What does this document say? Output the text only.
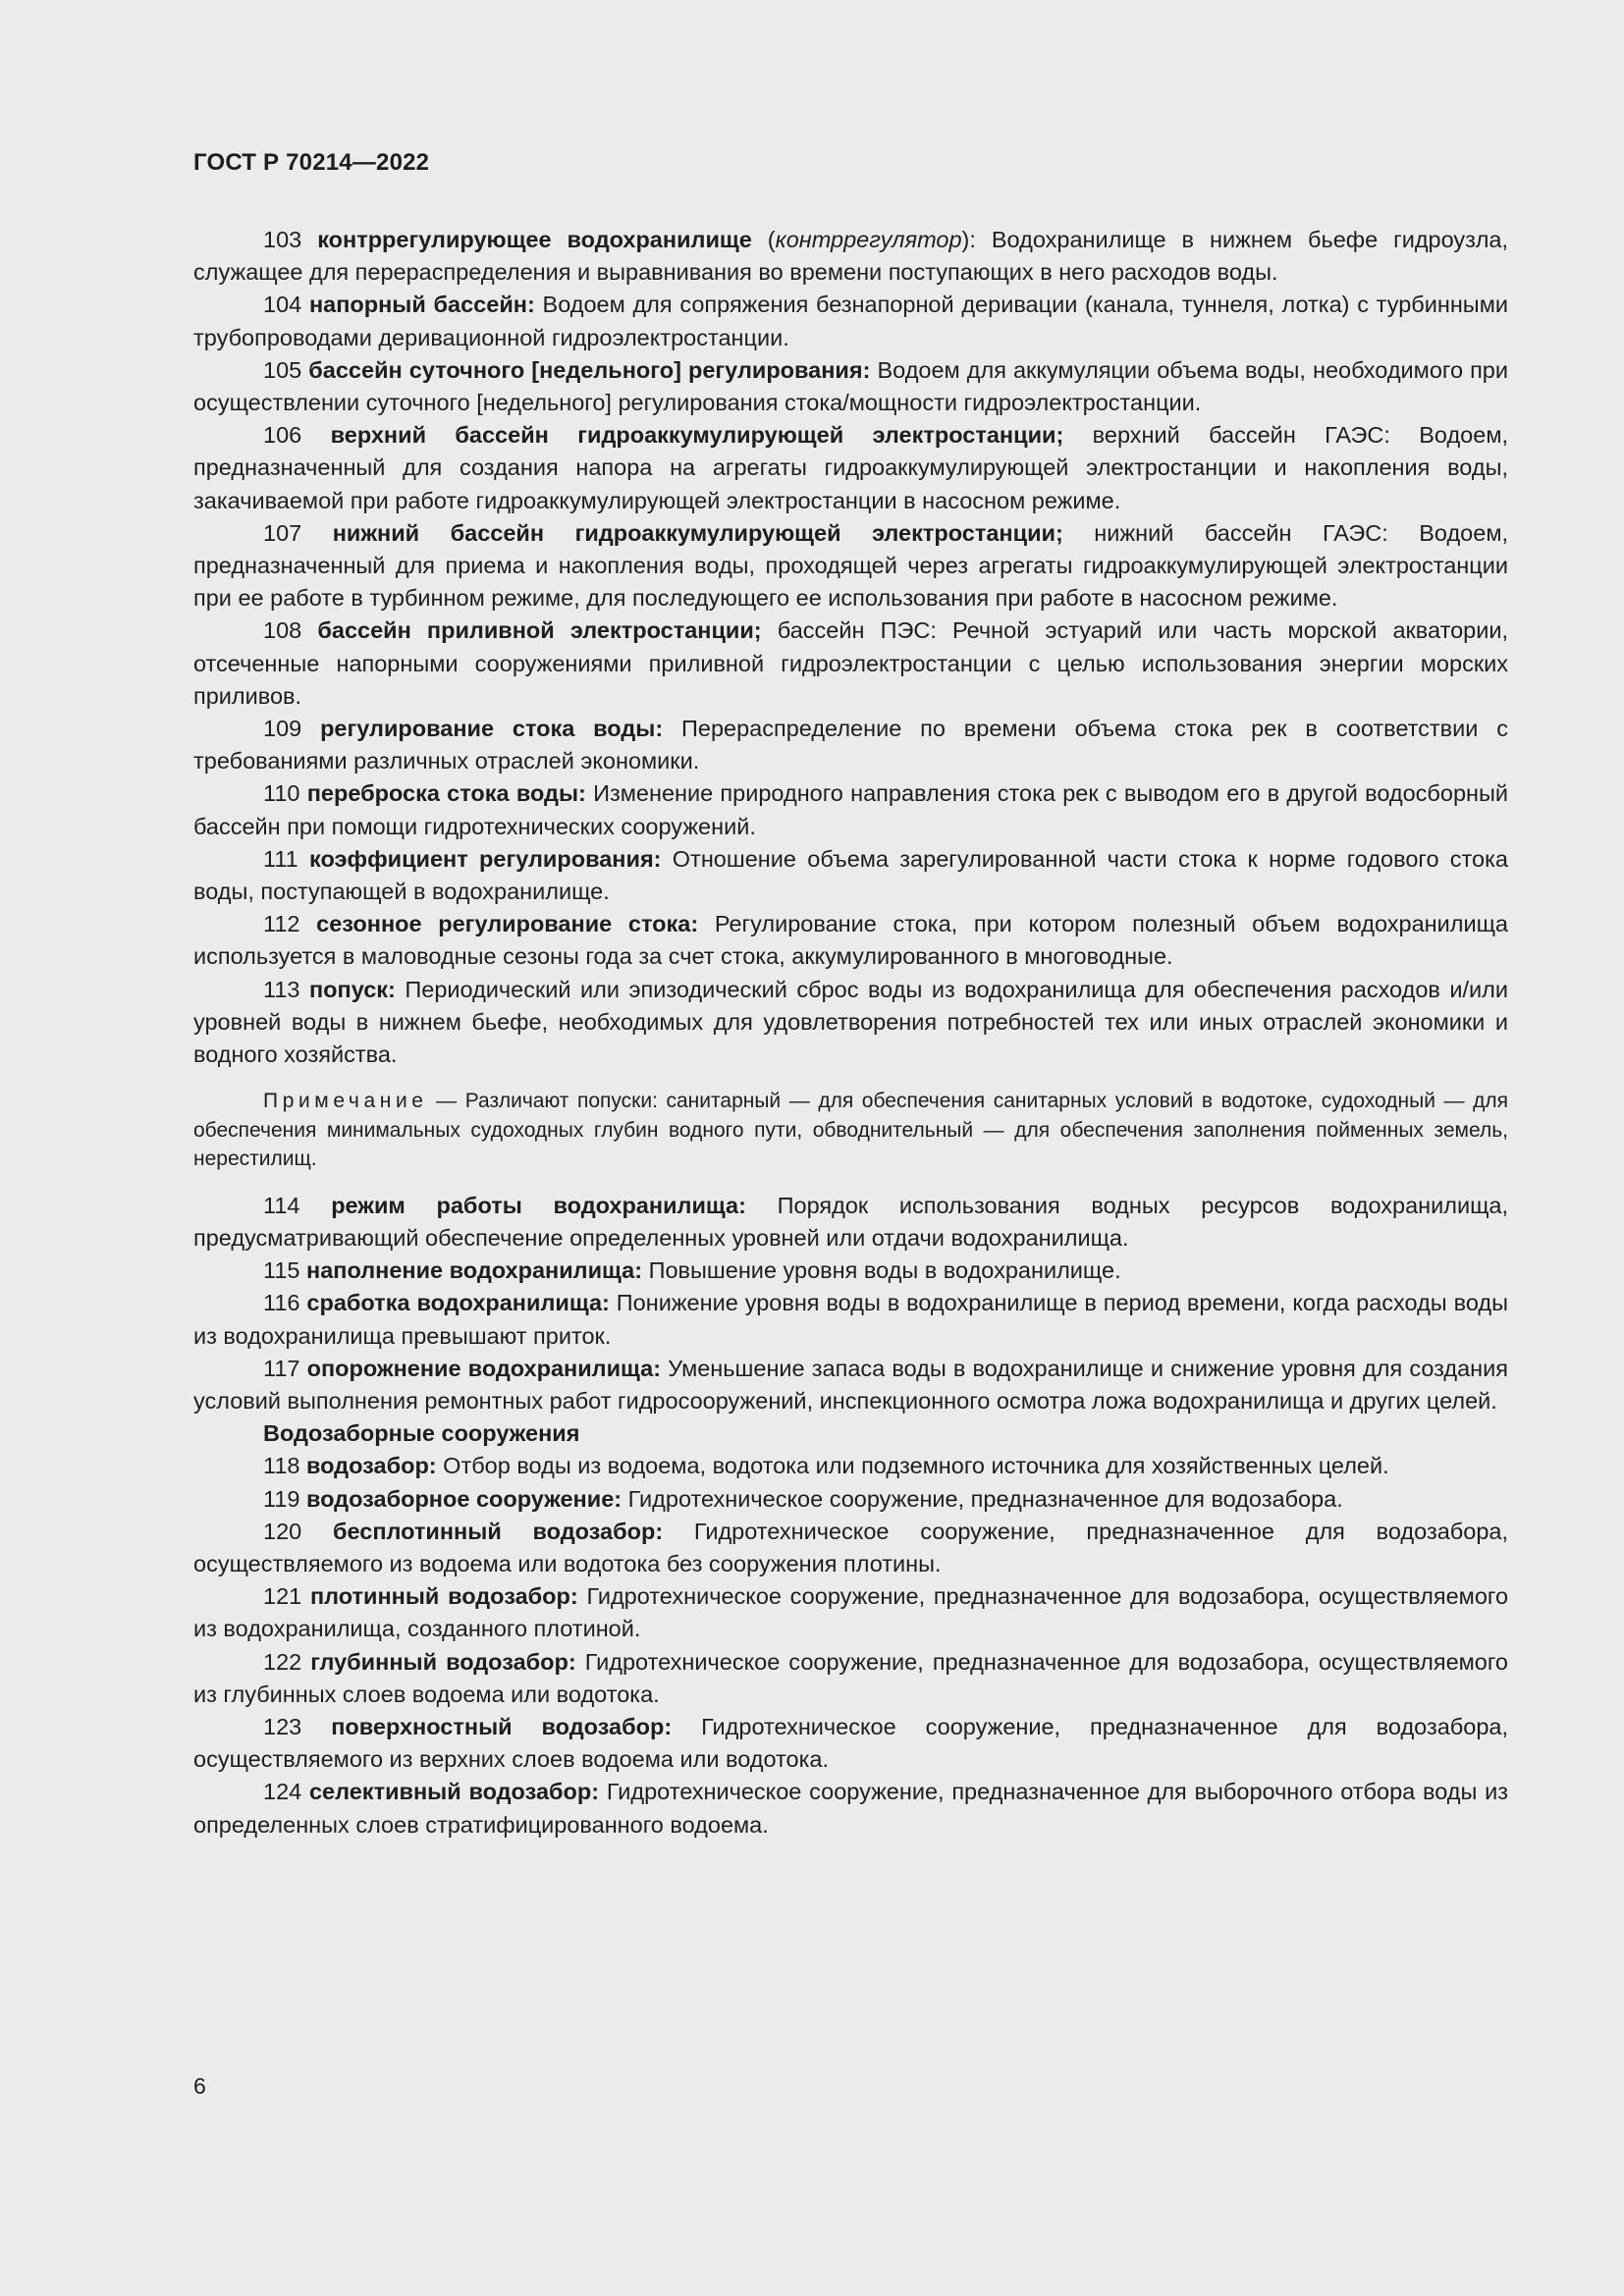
ГОСТ Р 70214—2022

103 контррегулирующее водохранилище (контррегулятор): Водохранилище в нижнем бьефе гидроузла, служащее для перераспределения и выравнивания во времени поступающих в него расходов воды.

104 напорный бассейн: Водоем для сопряжения безнапорной деривации (канала, туннеля, лотка) с турбинными трубопроводами деривационной гидроэлектростанции.

105 бассейн суточного [недельного] регулирования: Водоем для аккумуляции объема воды, необходимого при осуществлении суточного [недельного] регулирования стока/мощности гидроэлектростанции.

106 верхний бассейн гидроаккумулирующей электростанции; верхний бассейн ГАЭС: Водоем, предназначенный для создания напора на агрегаты гидроаккумулирующей электростанции и накопления воды, закачиваемой при работе гидроаккумулирующей электростанции в насосном режиме.

107 нижний бассейн гидроаккумулирующей электростанции; нижний бассейн ГАЭС: Водоем, предназначенный для приема и накопления воды, проходящей через агрегаты гидроаккумулирующей электростанции при ее работе в турбинном режиме, для последующего ее использования при работе в насосном режиме.

108 бассейн приливной электростанции; бассейн ПЭС: Речной эстуарий или часть морской акватории, отсеченные напорными сооружениями приливной гидроэлектростанции с целью использования энергии морских приливов.

109 регулирование стока воды: Перераспределение по времени объема стока рек в соответствии с требованиями различных отраслей экономики.

110 переброска стока воды: Изменение природного направления стока рек с выводом его в другой водосборный бассейн при помощи гидротехнических сооружений.

111 коэффициент регулирования: Отношение объема зарегулированной части стока к норме годового стока воды, поступающей в водохранилище.

112 сезонное регулирование стока: Регулирование стока, при котором полезный объем водохранилища используется в маловодные сезоны года за счет стока, аккумулированного в многоводные.

113 попуск: Периодический или эпизодический сброс воды из водохранилища для обеспечения расходов и/или уровней воды в нижнем бьефе, необходимых для удовлетворения потребностей тех или иных отраслей экономики и водного хозяйства.

Примечание — Различают попуски: санитарный — для обеспечения санитарных условий в водотоке, судоходный — для обеспечения минимальных судоходных глубин водного пути, обводнительный — для обеспечения заполнения пойменных земель, нерестилищ.

114 режим работы водохранилища: Порядок использования водных ресурсов водохранилища, предусматривающий обеспечение определенных уровней или отдачи водохранилища.

115 наполнение водохранилища: Повышение уровня воды в водохранилище.

116 сработка водохранилища: Понижение уровня воды в водохранилище в период времени, когда расходы воды из водохранилища превышают приток.

117 опорожнение водохранилища: Уменьшение запаса воды в водохранилище и снижение уровня для создания условий выполнения ремонтных работ гидросооружений, инспекционного осмотра ложа водохранилища и других целей.

Водозаборные сооружения

118 водозабор: Отбор воды из водоема, водотока или подземного источника для хозяйственных целей.

119 водозаборное сооружение: Гидротехническое сооружение, предназначенное для водозабора.

120 бесплотинный водозабор: Гидротехническое сооружение, предназначенное для водозабора, осуществляемого из водоема или водотока без сооружения плотины.

121 плотинный водозабор: Гидротехническое сооружение, предназначенное для водозабора, осуществляемого из водохранилища, созданного плотиной.

122 глубинный водозабор: Гидротехническое сооружение, предназначенное для водозабора, осуществляемого из глубинных слоев водоема или водотока.

123 поверхностный водозабор: Гидротехническое сооружение, предназначенное для водозабора, осуществляемого из верхних слоев водоема или водотока.

124 селективный водозабор: Гидротехническое сооружение, предназначенное для выборочного отбора воды из определенных слоев стратифицированного водоема.

6
